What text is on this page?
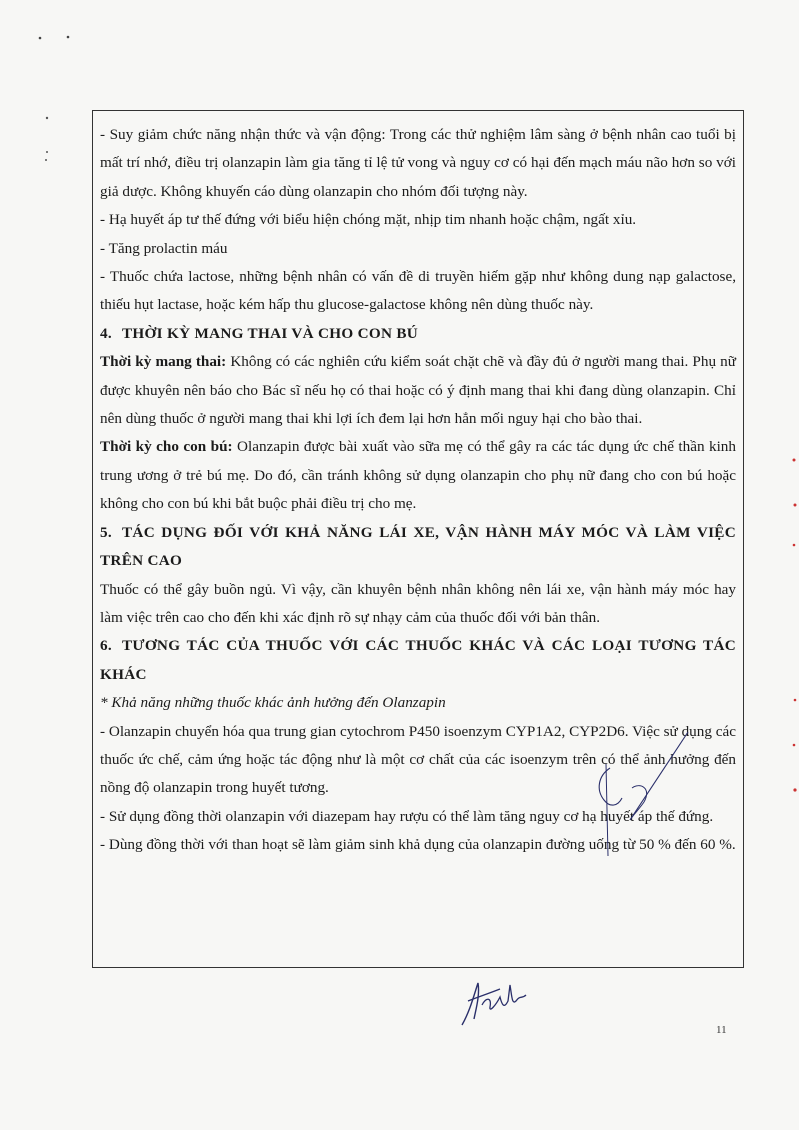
- Suy giảm chức năng nhận thức và vận động: Trong các thử nghiệm lâm sàng ở bệnh nhân cao tuổi bị mất trí nhớ, điều trị olanzapin làm gia tăng tỉ lệ tử vong và nguy cơ có hại đến mạch máu não hơn so với giả dược. Không khuyến cáo dùng olanzapin cho nhóm đối tượng này.

- Hạ huyết áp tư thế đứng với biểu hiện chóng mặt, nhịp tim nhanh hoặc chậm, ngất xỉu.

- Tăng prolactin máu

- Thuốc chứa lactose, những bệnh nhân có vấn đề di truyền hiếm gặp như không dung nạp galactose, thiếu hụt lactase, hoặc kém hấp thu glucose-galactose không nên dùng thuốc này.

4. THỜI KỲ MANG THAI VÀ CHO CON BÚ

Thời kỳ mang thai: Không có các nghiên cứu kiểm soát chặt chẽ và đầy đủ ở người mang thai. Phụ nữ được khuyên nên báo cho Bác sĩ nếu họ có thai hoặc có ý định mang thai khi đang dùng olanzapin. Chỉ nên dùng thuốc ở người mang thai khi lợi ích đem lại hơn hẳn mối nguy hại cho bào thai.

Thời kỳ cho con bú: Olanzapin được bài xuất vào sữa mẹ có thể gây ra các tác dụng ức chế thần kinh trung ương ở trẻ bú mẹ. Do đó, cần tránh không sử dụng olanzapin cho phụ nữ đang cho con bú hoặc không cho con bú khi bắt buộc phải điều trị cho mẹ.

5. TÁC DỤNG ĐỐI VỚI KHẢ NĂNG LÁI XE, VẬN HÀNH MÁY MÓC VÀ LÀM VIỆC TRÊN CAO

Thuốc có thể gây buồn ngủ. Vì vậy, cần khuyên bệnh nhân không nên lái xe, vận hành máy móc hay làm việc trên cao cho đến khi xác định rõ sự nhạy cảm của thuốc đối với bản thân.

6. TƯƠNG TÁC CỦA THUỐC VỚI CÁC THUỐC KHÁC VÀ CÁC LOẠI TƯƠNG TÁC KHÁC

* Khả năng những thuốc khác ảnh hưởng đến Olanzapin

- Olanzapin chuyển hóa qua trung gian cytochrom P450 isoenzym CYP1A2, CYP2D6. Việc sử dụng các thuốc ức chế, cảm ứng hoặc tác động như là một cơ chất của các isoenzym trên có thể ảnh hưởng đến nồng độ olanzapin trong huyết tương.

- Sử dụng đồng thời olanzapin với diazepam hay rượu có thể làm tăng nguy cơ hạ huyết áp thế đứng.

- Dùng đồng thời với than hoạt sẽ làm giảm sinh khả dụng của olanzapin đường uống từ 50 % đến 60 %.

11
